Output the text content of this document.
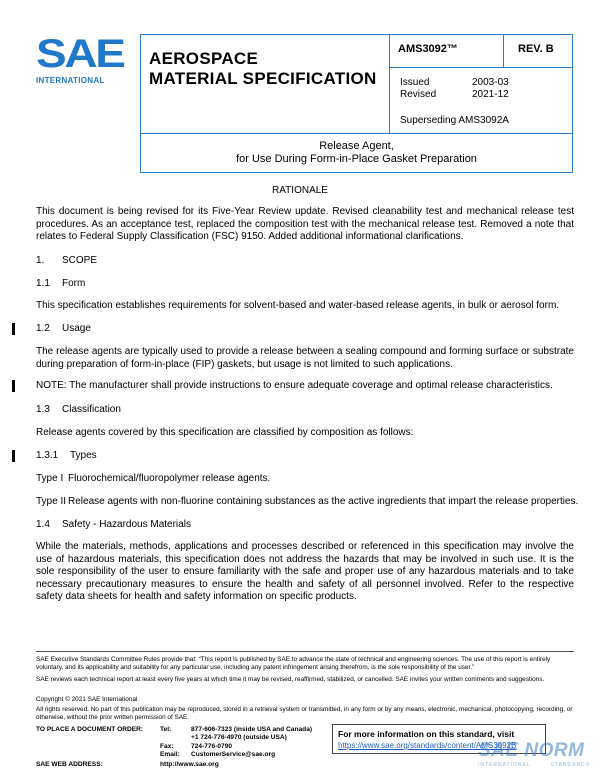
SAE
INTERNATIONAL
AEROSPACE
MATERIAL SPECIFICATION
AMS3092™	REV. B
Issued	2003-03
Revised	2021-12
Superseding AMS3092A
Release Agent,
for Use During Form-in-Place Gasket Preparation
RATIONALE
This document is being revised for its Five-Year Review update. Revised cleanability test and mechanical release test procedures. As an acceptance test, replaced the composition test with the mechanical release test. Removed a note that relates to Federal Supply Classification (FSC) 9150. Added additional informational clarifications.
1. SCOPE
1.1 Form
This specification establishes requirements for solvent-based and water-based release agents, in bulk or aerosol form.
1.2 Usage
The release agents are typically used to provide a release between a sealing compound and forming surface or substrate during preparation of form-in-place (FIP) gaskets, but usage is not limited to such applications.
NOTE: The manufacturer shall provide instructions to ensure adequate coverage and optimal release characteristics.
1.3 Classification
Release agents covered by this specification are classified by composition as follows:
1.3.1 Types
Type I Fluorochemical/fluoropolymer release agents.
Type II Release agents with non-fluorine containing substances as the active ingredients that impart the release properties.
1.4 Safety - Hazardous Materials
While the materials, methods, applications and processes described or referenced in this specification may involve the use of hazardous materials, this specification does not address the hazards that may be involved in such use. It is the sole responsibility of the user to ensure familiarity with the safe and proper use of any hazardous materials and to take necessary precautionary measures to ensure the health and safety of all personnel involved. Refer to the respective safety data sheets for health and safety information on specific products.
SAE Executive Standards Committee Rules provide that: “This report is published by SAE to advance the state of technical and engineering sciences. The use of this report is entirely voluntary, and its applicability and suitability for any particular use, including any patent infringement arising therefrom, is the sole responsibility of the user.”
SAE reviews each technical report at least every five years at which time it may be revised, reaffirmed, stabilized, or cancelled. SAE invites your written comments and suggestions.
Copyright © 2021 SAE International
All rights reserved. No part of this publication may be reproduced, stored in a retrieval system or transmitted, in any form or by any means, electronic, mechanical, photocopying, recording, or otherwise, without the prior written permission of SAE.
TO PLACE A DOCUMENT ORDER:	Tel:	877-606-7323 (inside USA and Canada)
+1 724-776-4970 (outside USA)
Fax:	724-776-0790
Email:	CustomerService@sae.org
SAE WEB ADDRESS:	http://www.sae.org
For more information on this standard, visit
https://www.sae.org/standards/content/AMS3092B
SAE NORM
INTERNATIONAL	STANDARDS
